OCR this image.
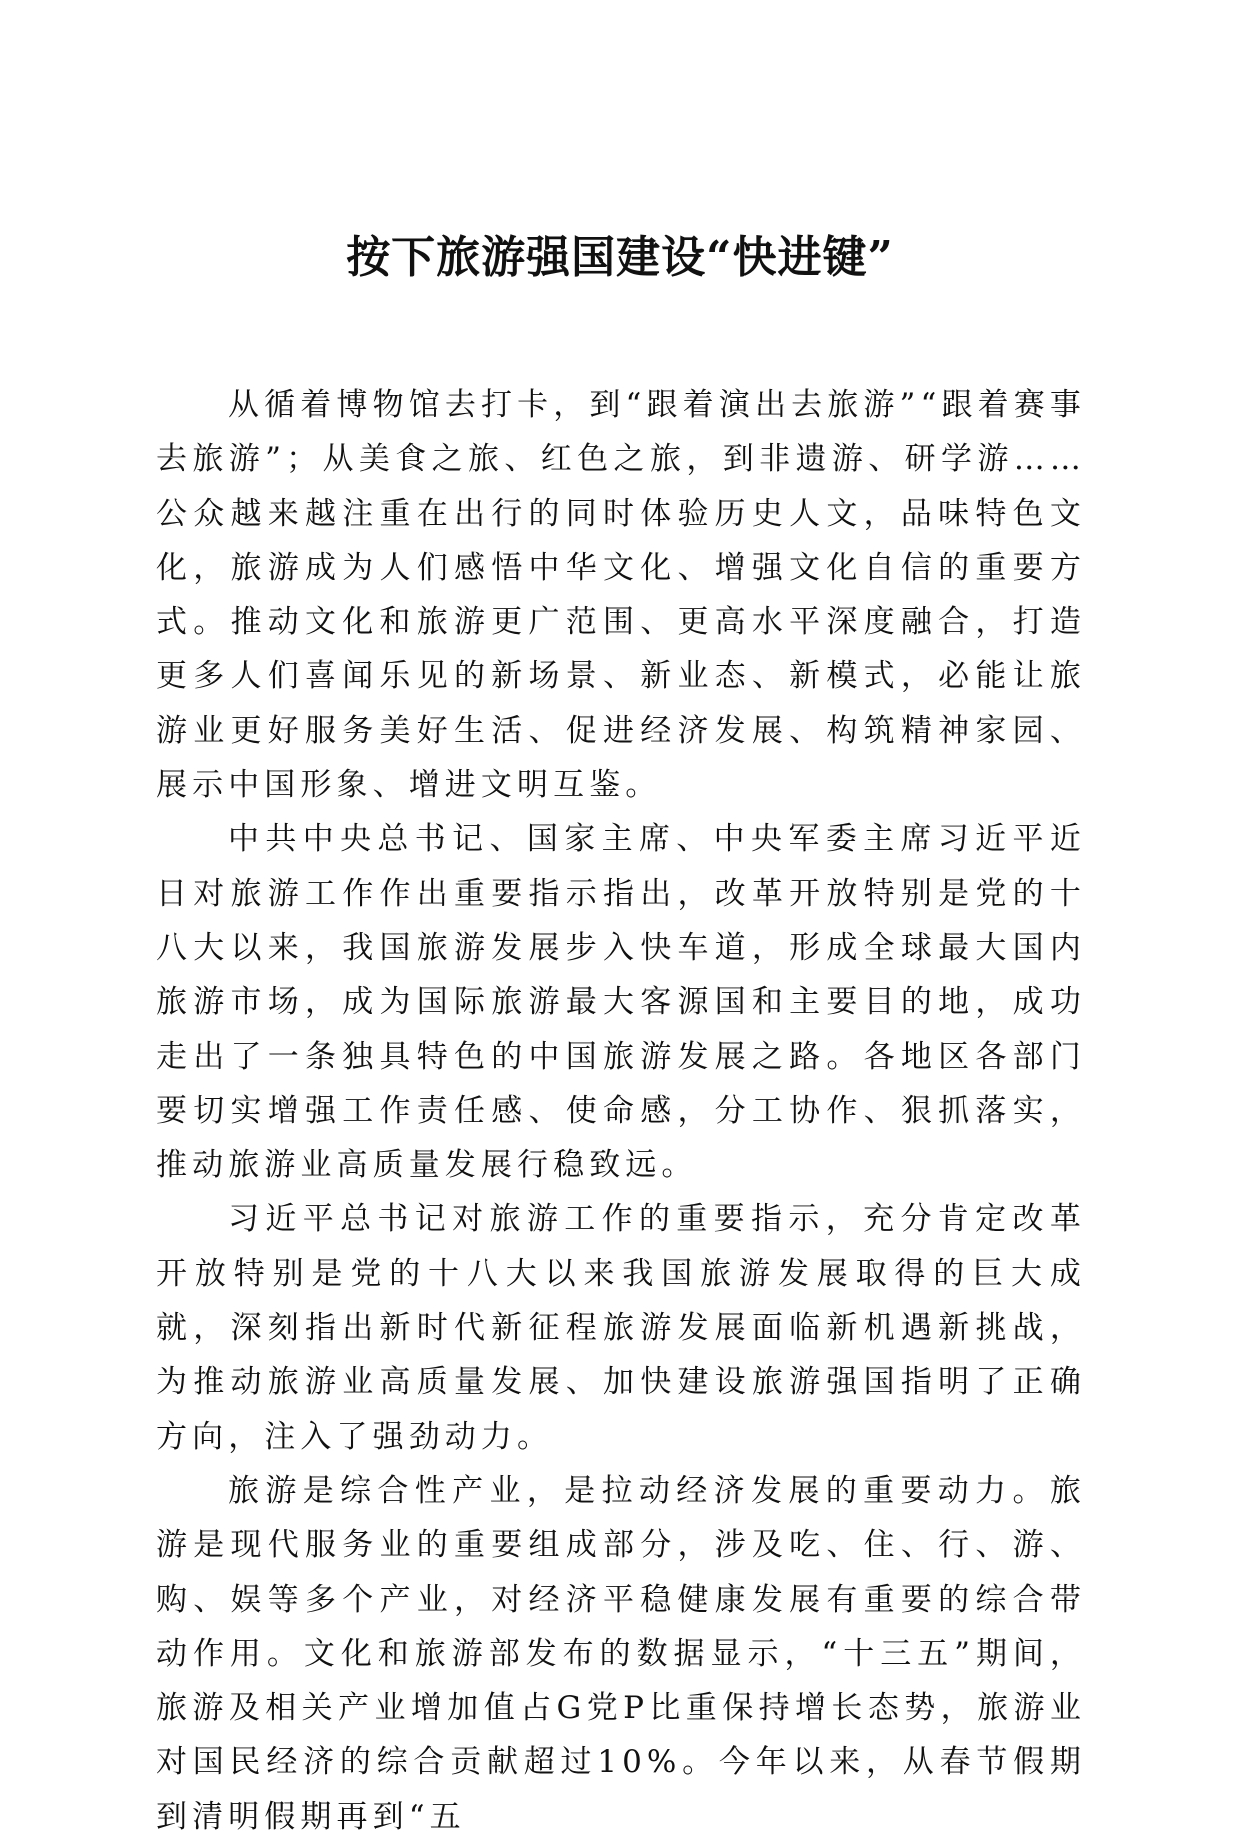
按下旅游强国建设“快进键”

从循着博物馆去打卡，到“跟着演出去旅游”“跟着赛事去旅游”；从美食之旅、红色之旅，到非遗游、研学游……公众越来越注重在出行的同时体验历史人文，品味特色文化，旅游成为人们感悟中华文化、增强文化自信的重要方式。推动文化和旅游更广范围、更高水平深度融合，打造更多人们喜闻乐见的新场景、新业态、新模式，必能让旅游业更好服务美好生活、促进经济发展、构筑精神家园、展示中国形象、增进文明互鉴。

中共中央总书记、国家主席、中央军委主席习近平近日对旅游工作作出重要指示指出，改革开放特别是党的十八大以来，我国旅游发展步入快车道，形成全球最大国内旅游市场，成为国际旅游最大客源国和主要目的地，成功走出了一条独具特色的中国旅游发展之路。各地区各部门要切实增强工作责任感、使命感，分工协作、狠抓落实，推动旅游业高质量发展行稳致远。

习近平总书记对旅游工作的重要指示，充分肯定改革开放特别是党的十八大以来我国旅游发展取得的巨大成就，深刻指出新时代新征程旅游发展面临新机遇新挑战，为推动旅游业高质量发展、加快建设旅游强国指明了正确方向，注入了强劲动力。

旅游是综合性产业，是拉动经济发展的重要动力。旅游是现代服务业的重要组成部分，涉及吃、住、行、游、购、娱等多个产业，对经济平稳健康发展有重要的综合带动作用。文化和旅游部发布的数据显示，“十三五”期间，旅游及相关产业增加值占G党P比重保持增长态势，旅游业对国民经济的综合贡献超过10%。今年以来，从春节假期到清明假期再到“五
